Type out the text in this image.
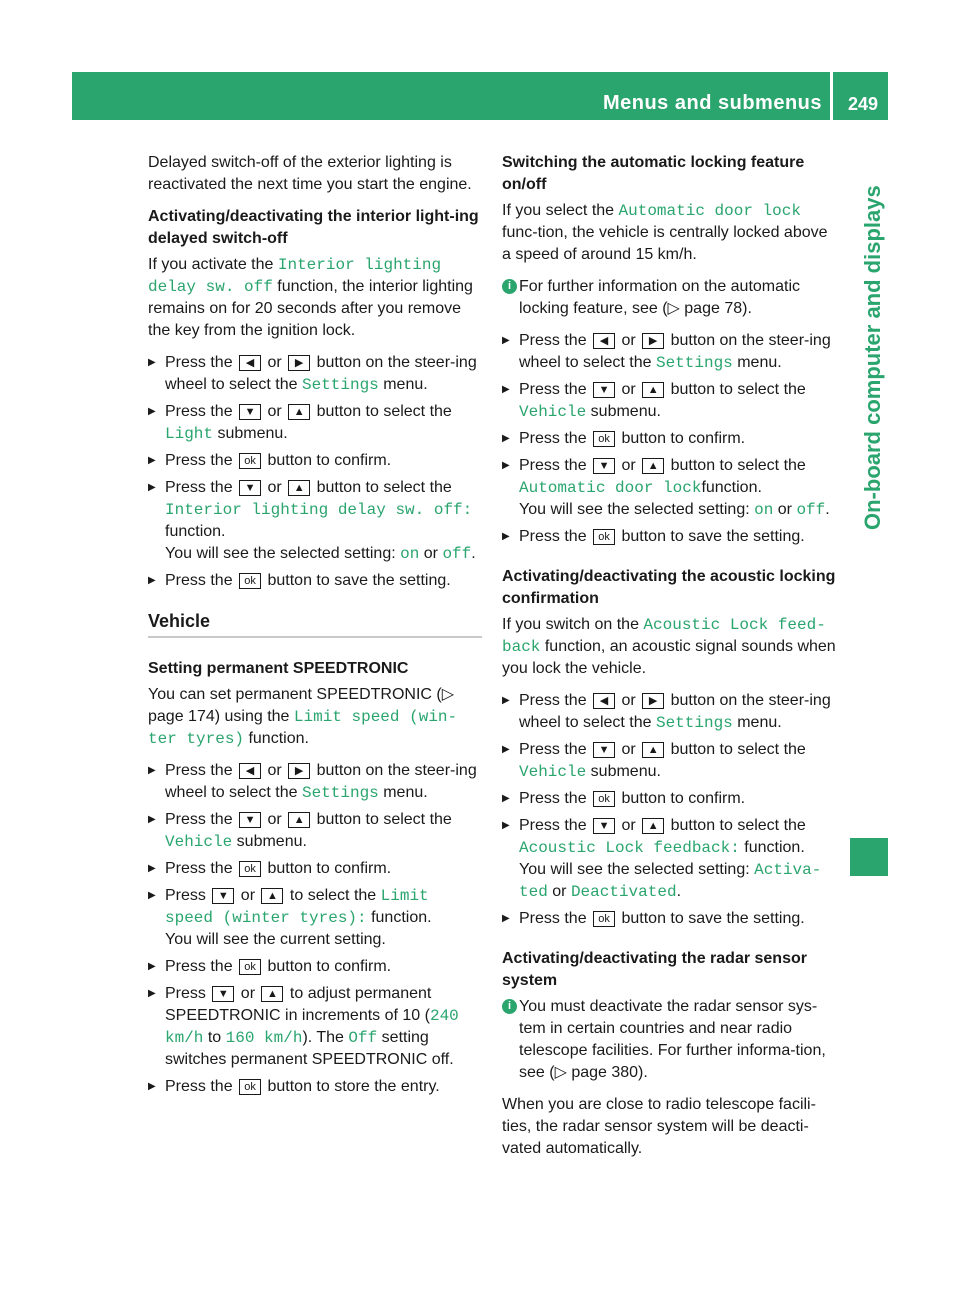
Menus and submenus 249
On-board computer and displays

Delayed switch-off of the exterior lighting is reactivated the next time you start the engine.

Activating/deactivating the interior light-ing delayed switch-off

If you activate the Interior lighting delay sw. off function, the interior lighting remains on for 20 seconds after you remove the key from the ignition lock.

▶ Press the ◀ or ▶ button on the steer-ing wheel to select the Settings menu.
▶ Press the ▼ or ▲ button to select the Light submenu.
▶ Press the ok button to confirm.
▶ Press the ▼ or ▲ button to select the Interior lighting delay sw. off: function.
You will see the selected setting: on or off.
▶ Press the ok button to save the setting.
Vehicle
Setting permanent SPEEDTRONIC

You can set permanent SPEEDTRONIC (▷ page 174) using the Limit speed (win-ter tyres) function.

▶ Press the ◀ or ▶ button on the steer-ing wheel to select the Settings menu.
▶ Press the ▼ or ▲ button to select the Vehicle submenu.
▶ Press the ok button to confirm.
▶ Press ▼ or ▲ to select the Limit speed (winter tyres): function.
You will see the current setting.
▶ Press the ok button to confirm.
▶ Press ▼ or ▲ to adjust permanent SPEEDTRONIC in increments of 10 (240 km/h to 160 km/h). The Off setting switches permanent SPEEDTRONIC off.
▶ Press the ok button to store the entry.
Switching the automatic locking feature on/off

If you select the Automatic door lock func-tion, the vehicle is centrally locked above a speed of around 15 km/h.

i For further information on the automatic locking feature, see (▷ page 78).
▶ Press the ◀ or ▶ button on the steer-ing wheel to select the Settings menu.
▶ Press the ▼ or ▲ button to select the Vehicle submenu.
▶ Press the ok button to confirm.
▶ Press the ▼ or ▲ button to select the Automatic door lockfunction.
You will see the selected setting: on or off.
▶ Press the ok button to save the setting.
Activating/deactivating the acoustic locking confirmation

If you switch on the Acoustic Lock feed-back function, an acoustic signal sounds when you lock the vehicle.

▶ Press the ◀ or ▶ button on the steer-ing wheel to select the Settings menu.
▶ Press the ▼ or ▲ button to select the Vehicle submenu.
▶ Press the ok button to confirm.
▶ Press the ▼ or ▲ button to select the Acoustic Lock feedback: function.
You will see the selected setting: Activa-ted or Deactivated.
▶ Press the ok button to save the setting.
Activating/deactivating the radar sensor system
i You must deactivate the radar sensor sys-tem in certain countries and near radio telescope facilities. For further informa-tion, see (▷ page 380).

When you are close to radio telescope facili-ties, the radar sensor system will be deacti-vated automatically.
